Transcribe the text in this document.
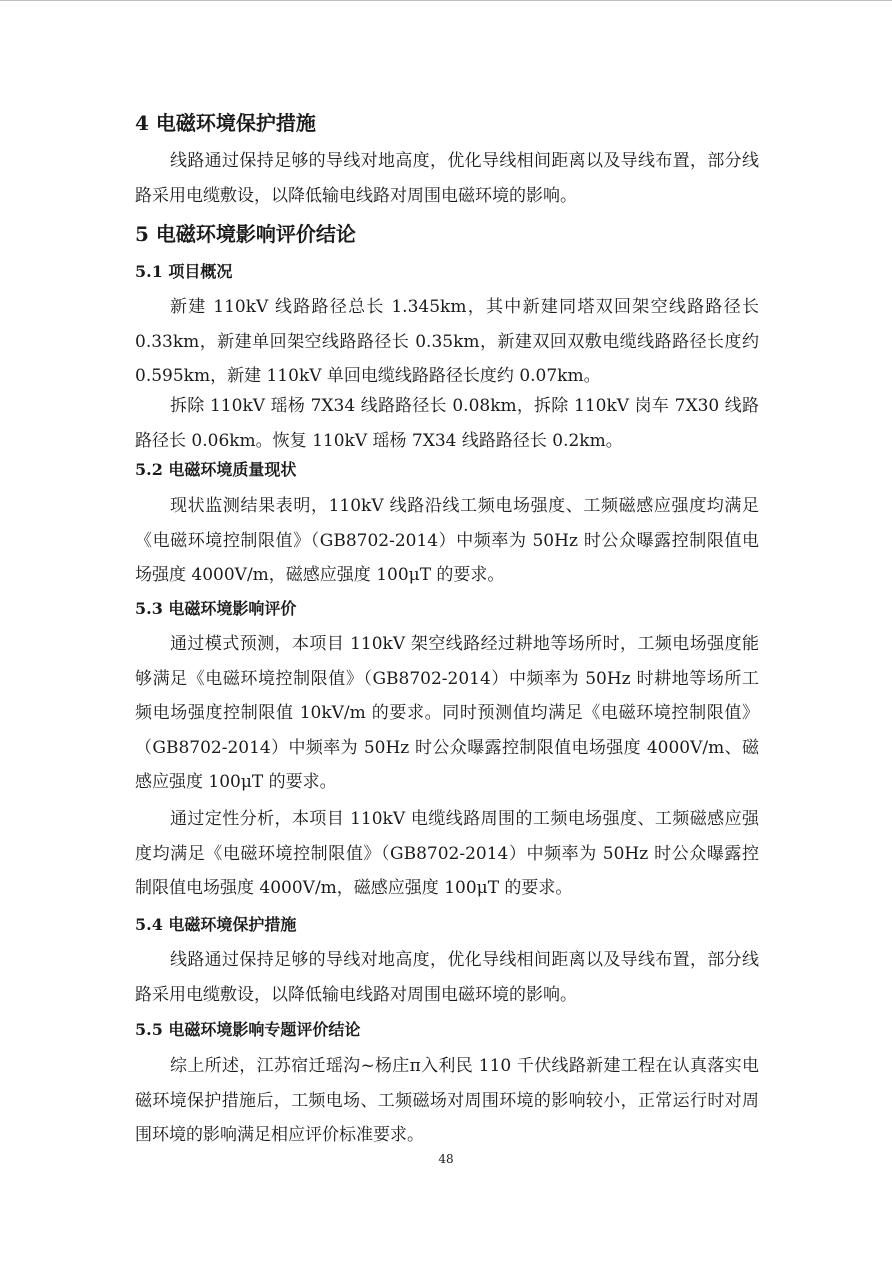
4 电磁环境保护措施

线路通过保持足够的导线对地高度，优化导线相间距离以及导线布置，部分线路采用电缆敷设，以降低输电线路对周围电磁环境的影响。

5 电磁环境影响评价结论
5.1 项目概况

新建 110kV 线路路径总长 1.345km，其中新建同塔双回架空线路路径长 0.33km，新建单回架空线路路径长 0.35km，新建双回双敷电缆线路路径长度约 0.595km，新建 110kV 单回电缆线路路径长度约 0.07km。

拆除 110kV 瑶杨 7X34 线路路径长 0.08km，拆除 110kV 岗车 7X30 线路路径长 0.06km。恢复 110kV 瑶杨 7X34 线路路径长 0.2km。

5.2 电磁环境质量现状

现状监测结果表明，110kV 线路沿线工频电场强度、工频磁感应强度均满足《电磁环境控制限值》（GB8702-2014）中频率为 50Hz 时公众曝露控制限值电场强度 4000V/m，磁感应强度 100μT 的要求。

5.3 电磁环境影响评价

通过模式预测，本项目 110kV 架空线路经过耕地等场所时，工频电场强度能够满足《电磁环境控制限值》（GB8702-2014）中频率为 50Hz 时耕地等场所工频电场强度控制限值 10kV/m 的要求。同时预测值均满足《电磁环境控制限值》（GB8702-2014）中频率为 50Hz 时公众曝露控制限值电场强度 4000V/m、磁感应强度 100μT 的要求。

通过定性分析，本项目 110kV 电缆线路周围的工频电场强度、工频磁感应强度均满足《电磁环境控制限值》（GB8702-2014）中频率为 50Hz 时公众曝露控制限值电场强度 4000V/m，磁感应强度 100μT 的要求。

5.4 电磁环境保护措施

线路通过保持足够的导线对地高度，优化导线相间距离以及导线布置，部分线路采用电缆敷设，以降低输电线路对周围电磁环境的影响。

5.5 电磁环境影响专题评价结论

综上所述，江苏宿迁瑶沟~杨庄π入利民 110 千伏线路新建工程在认真落实电磁环境保护措施后，工频电场、工频磁场对周围环境的影响较小，正常运行时对周围环境的影响满足相应评价标准要求。

48
